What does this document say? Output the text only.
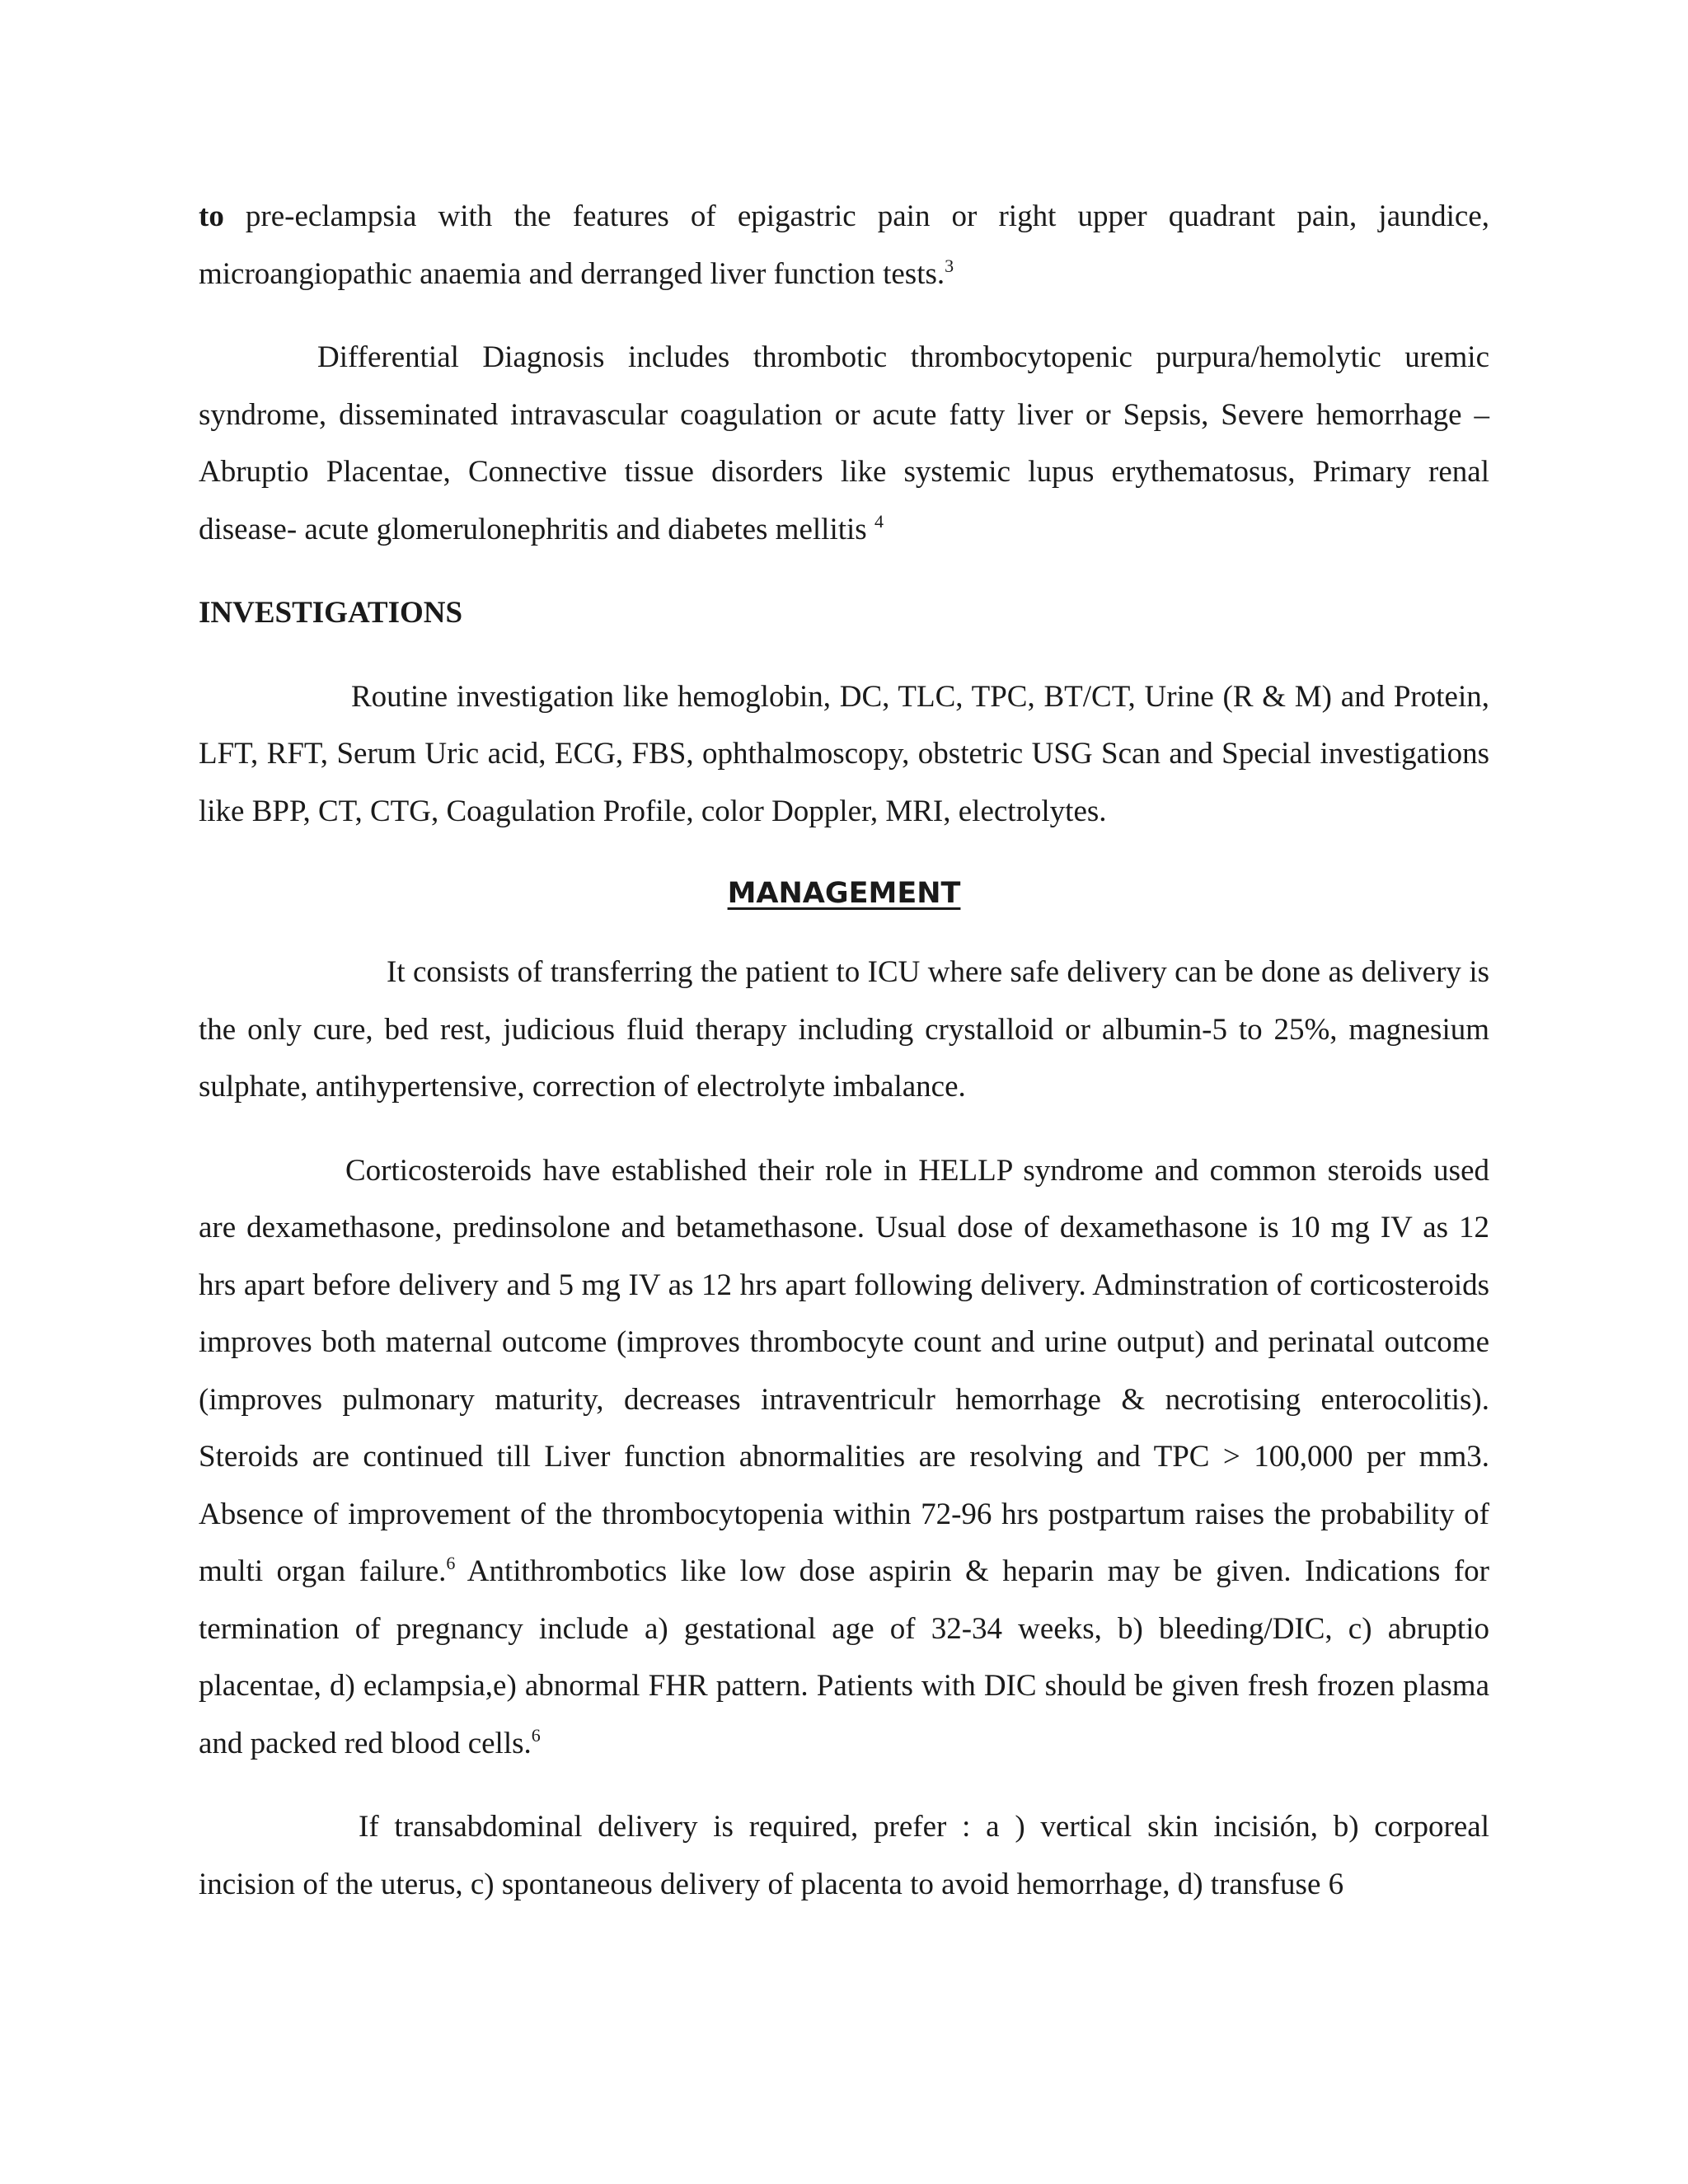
to pre-eclampsia with the features of epigastric pain or right upper quadrant pain, jaundice, microangiopathic anaemia and derranged liver function tests.$^3$

Differential Diagnosis includes thrombotic thrombocytopenic purpura/hemolytic uremic syndrome, disseminated intravascular coagulation or acute fatty liver or Sepsis, Severe hemorrhage –Abruptio Placentae, Connective tissue disorders like systemic lupus erythematosus, Primary renal disease- acute glomerulonephritis and diabetes mellitis $^4$

INVESTIGATIONS

Routine investigation like hemoglobin, DC, TLC, TPC, BT/CT, Urine (R & M) and Protein, LFT, RFT, Serum Uric acid, ECG, FBS, ophthalmoscopy, obstetric USG Scan and Special investigations like BPP, CT, CTG, Coagulation Profile, color Doppler, MRI, electrolytes.

MANAGEMENT

It consists of transferring the patient to ICU where safe delivery can be done as delivery is the only cure, bed rest, judicious fluid therapy including crystalloid or albumin-5 to 25%, magnesium sulphate, antihypertensive, correction of electrolyte imbalance.

Corticosteroids have established their role in HELLP syndrome and common steroids used are dexamethasone, predinsolone and betamethasone. Usual dose of dexamethasone is 10 mg IV as 12 hrs apart before delivery and 5 mg IV as 12 hrs apart following delivery. Adminstration of corticosteroids improves both maternal outcome (improves thrombocyte count and urine output) and perinatal outcome (improves pulmonary maturity, decreases intraventriculr hemorrhage & necrotising enterocolitis). Steroids are continued till Liver function abnormalities are resolving and TPC > 100,000 per mm3. Absence of improvement of the thrombocytopenia within 72-96 hrs postpartum raises the probability of multi organ failure.$^6$ Antithrombotics like low dose aspirin & heparin may be given. Indications for termination of pregnancy include a) gestational age of 32-34 weeks, b) bleeding/DIC, c) abruptio placentae, d) eclampsia,e) abnormal FHR pattern. Patients with DIC should be given fresh frozen plasma and packed red blood cells.$^6$

If transabdominal delivery is required, prefer : a ) vertical skin incisión, b) corporeal incision of the uterus, c) spontaneous delivery of placenta to avoid hemorrhage, d) transfuse 6
